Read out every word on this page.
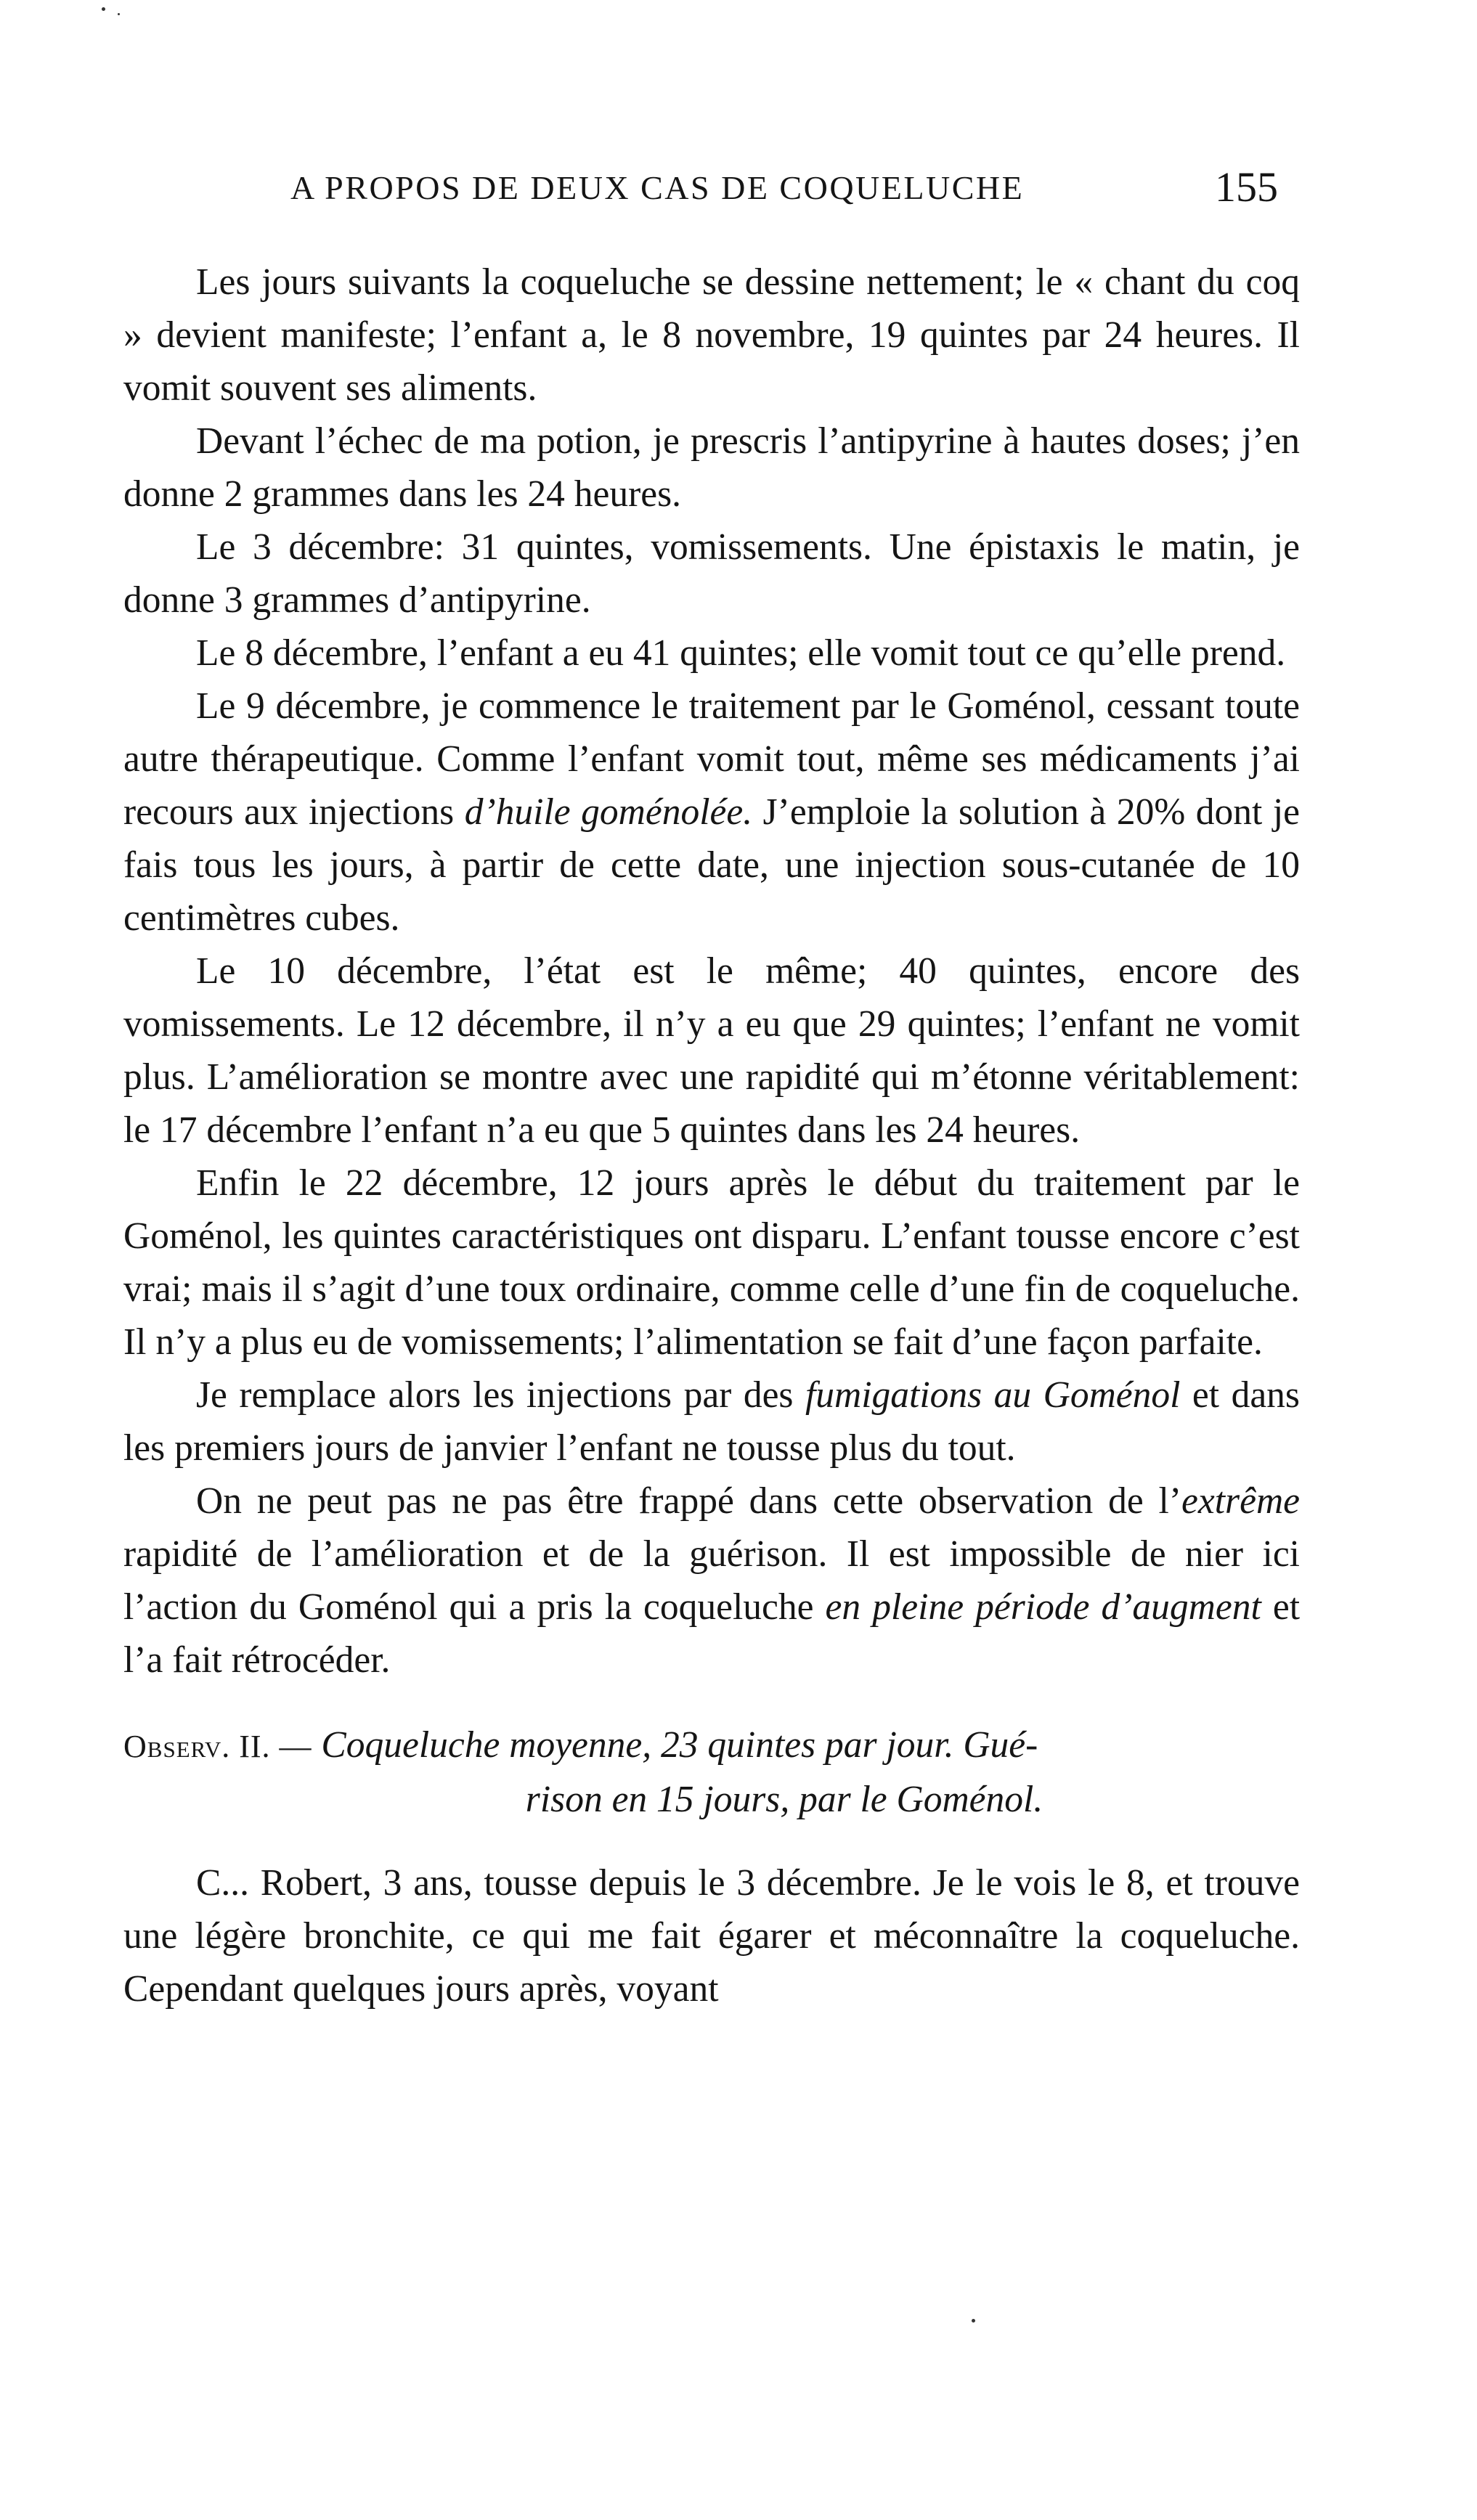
A PROPOS DE DEUX CAS DE COQUELUCHE	155

Les jours suivants la coqueluche se dessine nettement; le « chant du coq » devient manifeste; l’enfant a, le 8 novembre, 19 quintes par 24 heures. Il vomit souvent ses aliments.

Devant l’échec de ma potion, je prescris l’antipyrine à hautes doses; j’en donne 2 grammes dans les 24 heures.

Le 3 décembre: 31 quintes, vomissements. Une épistaxis le matin, je donne 3 grammes d’antipyrine.

Le 8 décembre, l’enfant a eu 41 quintes; elle vomit tout ce qu’elle prend.

Le 9 décembre, je commence le traitement par le Goménol, cessant toute autre thérapeutique. Comme l’enfant vomit tout, même ses médicaments j’ai recours aux injections d’huile goménolée. J’emploie la solution à 20% dont je fais tous les jours, à partir de cette date, une injection sous-cutanée de 10 centimètres cubes.

Le 10 décembre, l’état est le même; 40 quintes, encore des vomissements. Le 12 décembre, il n’y a eu que 29 quintes; l’enfant ne vomit plus. L’amélioration se montre avec une rapidité qui m’étonne véritablement: le 17 décembre l’enfant n’a eu que 5 quintes dans les 24 heures.

Enfin le 22 décembre, 12 jours après le début du traitement par le Goménol, les quintes caractéristiques ont disparu. L’enfant tousse encore c’est vrai; mais il s’agit d’une toux ordinaire, comme celle d’une fin de coqueluche. Il n’y a plus eu de vomissements; l’alimentation se fait d’une façon parfaite.

Je remplace alors les injections par des fumigations au Goménol et dans les premiers jours de janvier l’enfant ne tousse plus du tout.

On ne peut pas ne pas être frappé dans cette observation de l’extrême rapidité de l’amélioration et de la guérison. Il est impossible de nier ici l’action du Goménol qui a pris la coqueluche en pleine période d’augment et l’a fait rétrocéder.

Observ. II. — Coqueluche moyenne, 23 quintes par jour. Gué-
rison en 15 jours, par le Goménol.

C... Robert, 3 ans, tousse depuis le 3 décembre. Je le vois le 8, et trouve une légère bronchite, ce qui me fait égarer et méconnaître la coqueluche. Cependant quelques jours après, voyant
